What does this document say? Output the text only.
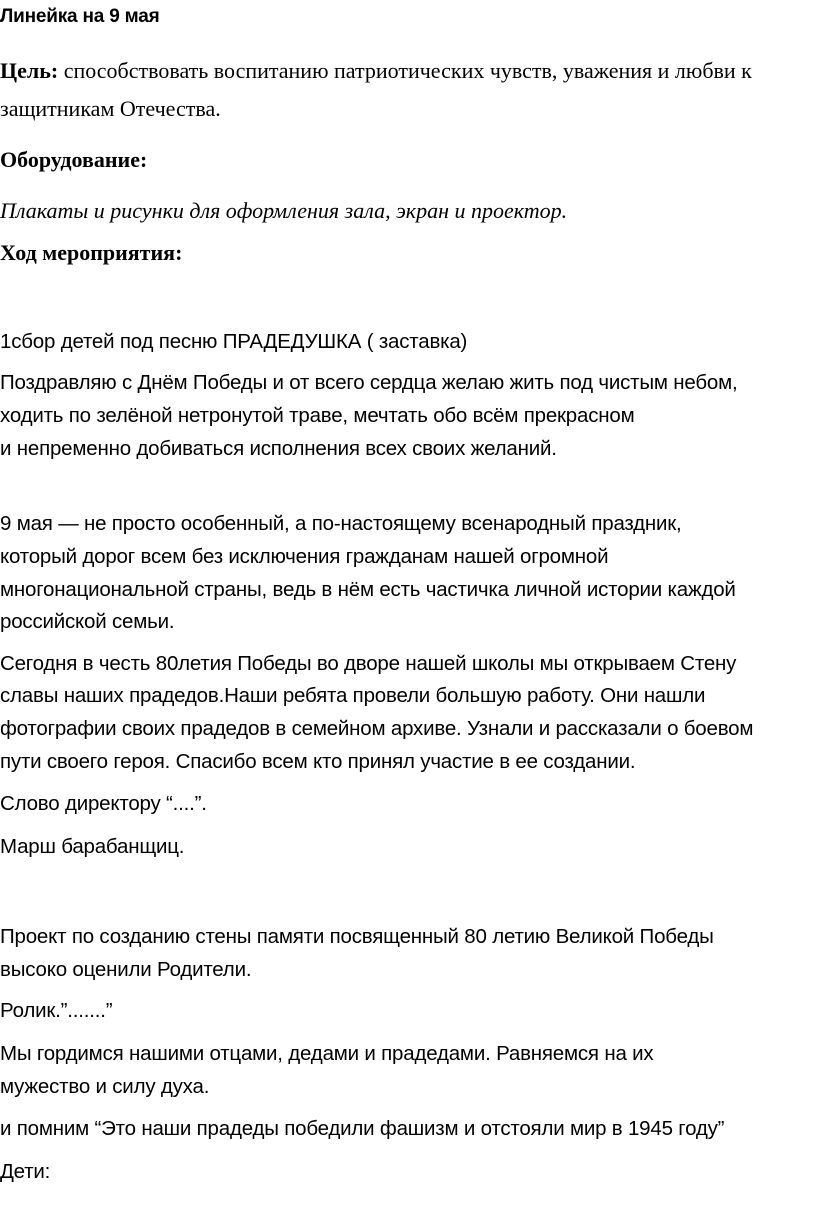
Линейка на 9 мая
Цель: способствовать воспитанию патриотических чувств, уважения и любви к
защитникам Отечества.
Оборудование:
Плакаты и рисунки для оформления зала, экран и проектор.
Ход мероприятия:
1сбор детей под песню ПРАДЕДУШКА ( заставка)
Поздравляю с Днём Победы и от всего сердца желаю жить под чистым небом,
ходить по зелёной нетронутой траве, мечтать обо всём прекрасном
и непременно добиваться исполнения всех своих желаний.
9 мая — не просто особенный, а по-настоящему всенародный праздник,
который дорог всем без исключения гражданам нашей огромной
многонациональной страны, ведь в нём есть частичка личной истории каждой
российской семьи.
Сегодня в честь 80летия Победы во дворе нашей школы мы открываем Стену
славы наших прадедов.Наши ребята провели большую работу. Они нашли
фотографии своих прадедов в семейном архиве. Узнали и рассказали о боевом
пути своего героя. Спасибо всем кто принял участие в ее создании.
Слово директору “....”.
Марш барабанщиц.
Проект по созданию стены памяти посвященный 80 летию Великой Победы
высоко оценили Родители.
Ролик.”.......”
Мы гордимся нашими отцами, дедами и прадедами. Равняемся на их
мужество и силу духа.
и помним “Это наши прадеды победили фашизм и отстояли мир в 1945 году”
Дети:
